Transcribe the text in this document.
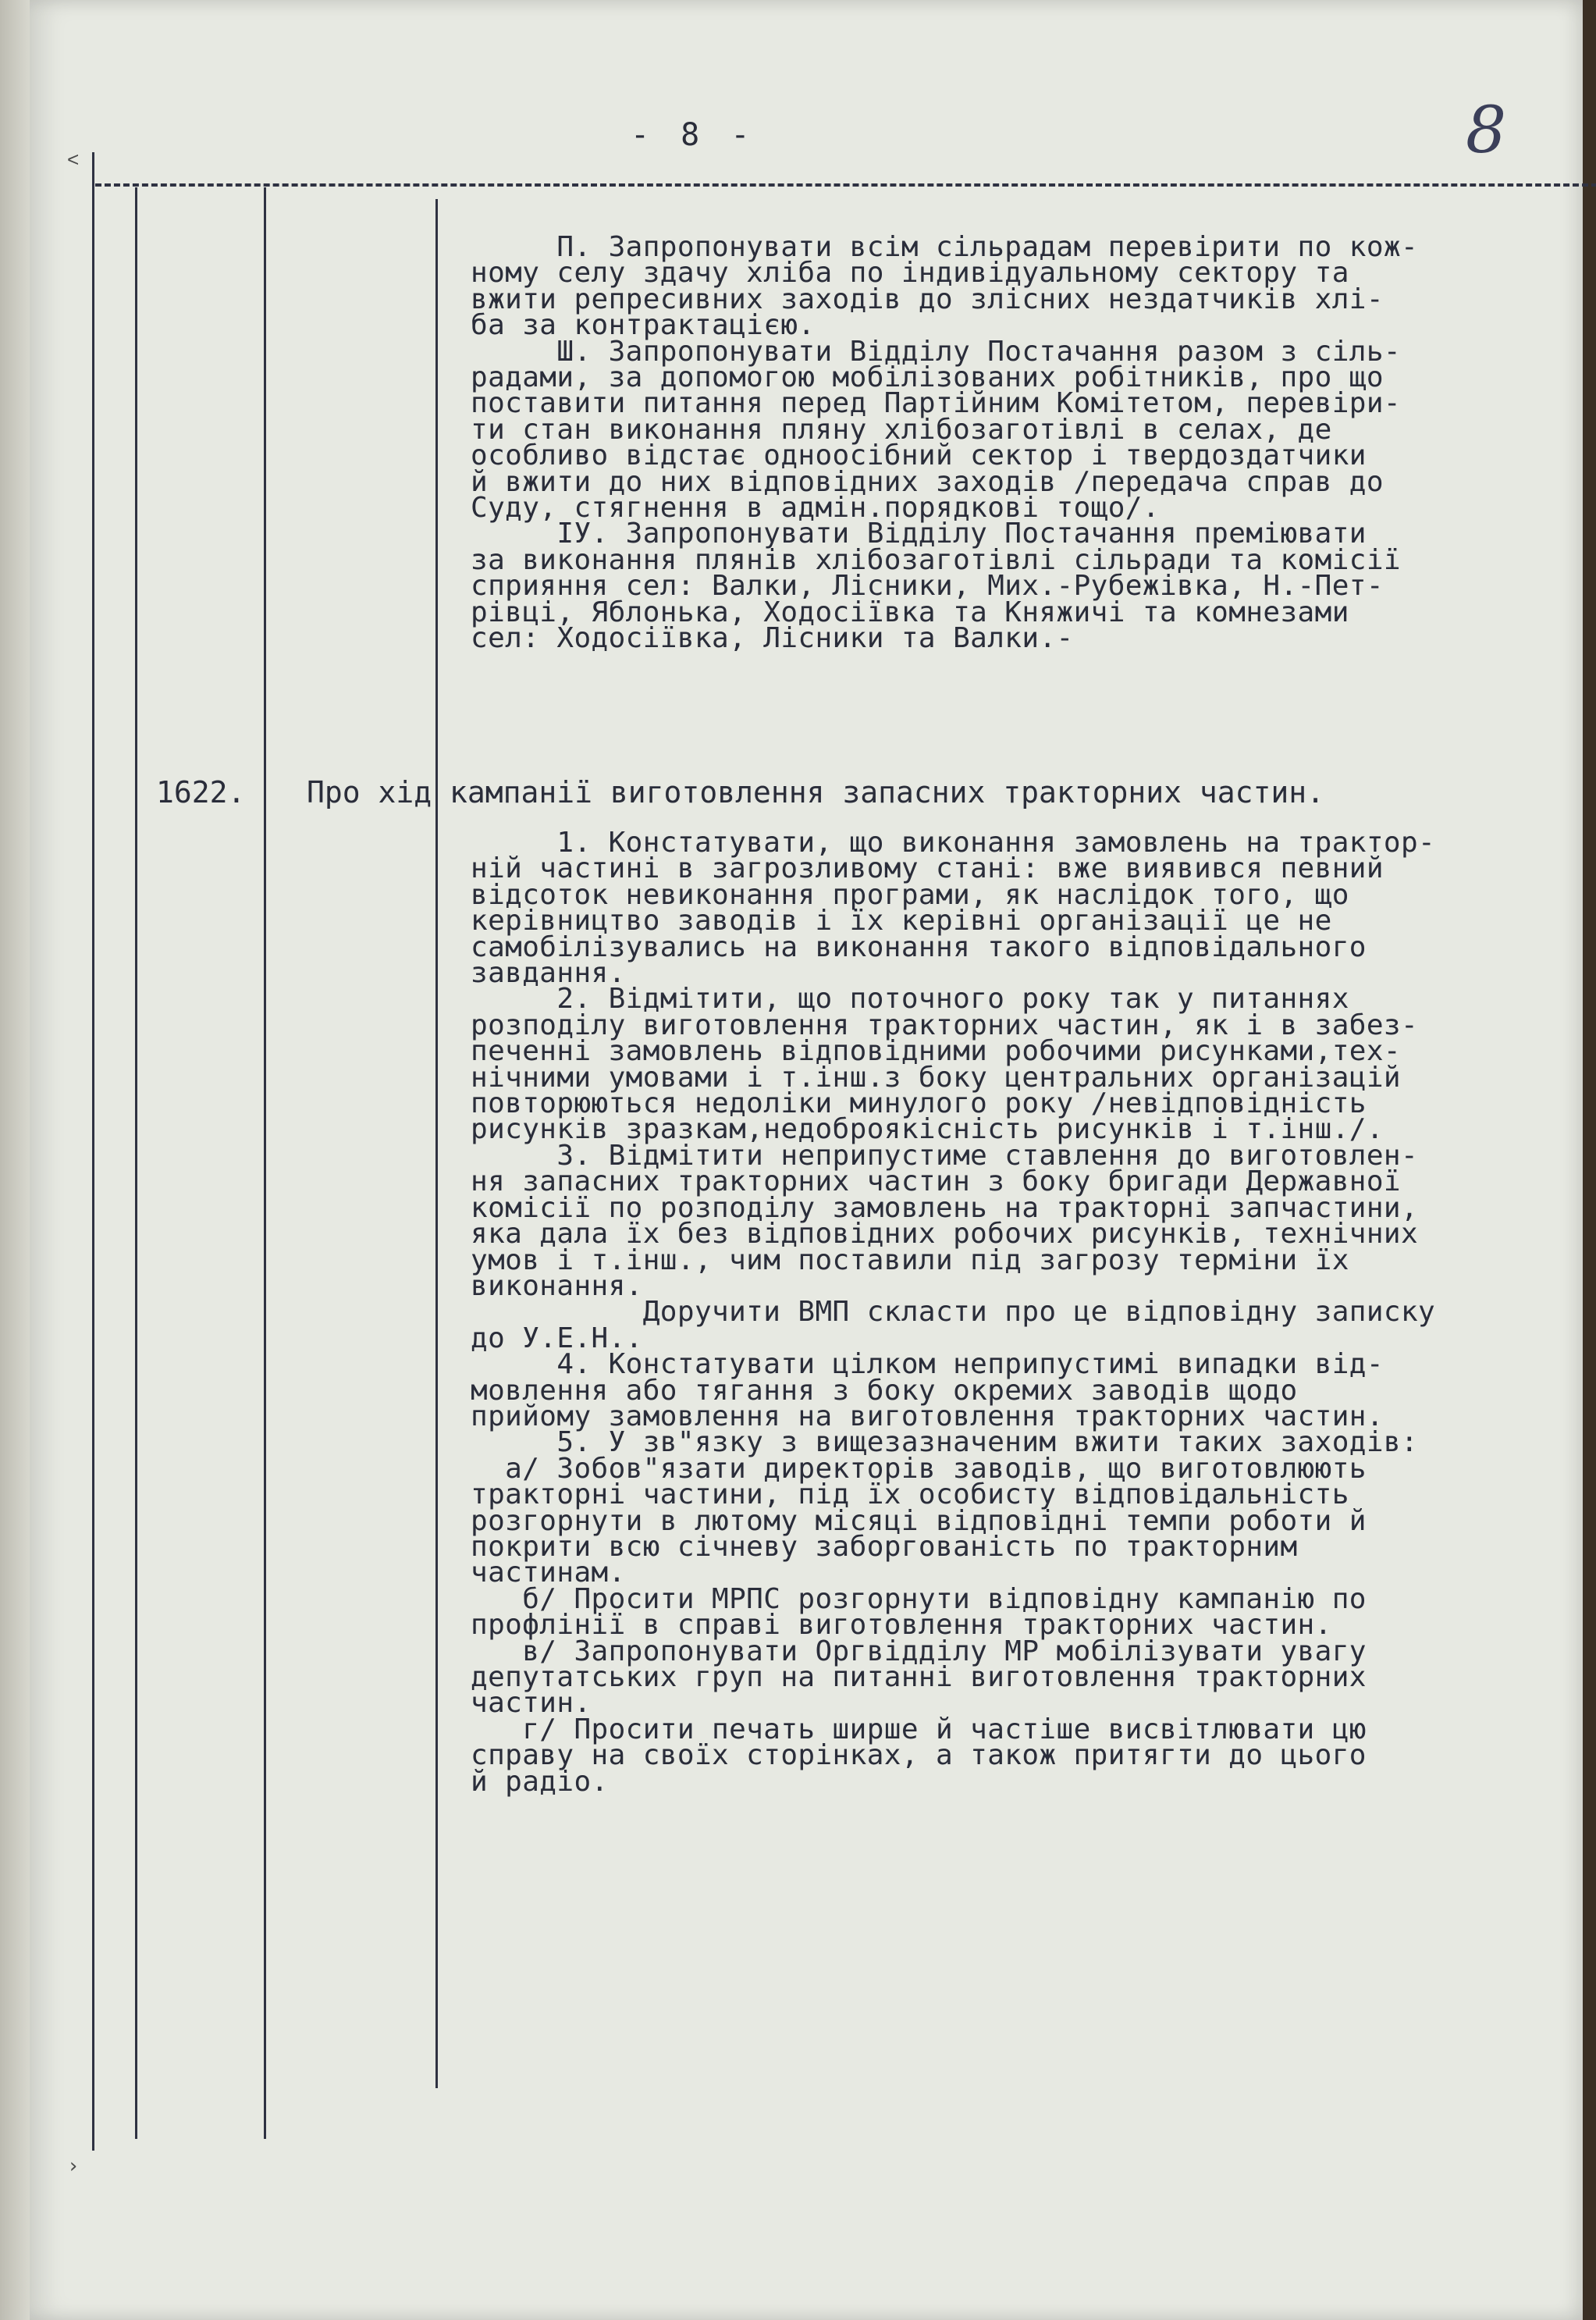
- 8 -	8
˂
›
П. Запропонувати всім сільрадам перевірити по кож-
ному селу здачу хліба по індивідуальному сектору та
вжити репресивних заходів до злісних нездатчиків хлі-
ба за контрактацією.
Ш. Запропонувати Відділу Постачання разом з сіль-
радами, за допомогою мобілізованих робітників, про що
поставити питання перед Партійним Комітетом, перевіри-
ти стан виконання пляну хлібозаготівлі в селах, де
особливо відстає одноосібний сектор і твердоздатчики
й вжити до них відповідних заходів /передача справ до
Суду, стягнення в адмін.порядкові тощо/.
ІУ. Запропонувати Відділу Постачання премiювати
за виконання плянів хлібозаготівлі сільради та комісії
сприяння сел: Валки, Лісники, Мих.-Рубежівка, Н.-Пет-
рівці, Яблонька, Ходосіївка та Княжичі та комнезами
сел: Ходосіївка, Лісники та Валки.-
1622. Про хід кампанії виготовлення запасних тракторних частин.
1. Констатувати, що виконання замовлень на трактор-
ній частині в загрозливому стані: вже виявився певний
відсоток невиконання програми, як наслідок того, що
керівництво заводів і їх керівні організації це не
самобілізувались на виконання такого відповідального
завдання.
2. Відмітити, що поточного року так у питаннях
розподілу виготовлення тракторних частин, як і в забез-
печенні замовлень відповідними робочими рисунками,тех-
нічними умовами і т.інш.з боку центральних організацій
повторюються недоліки минулого року /невідповідність
рисунків зразкам,недоброякісність рисунків і т.інш./.
3. Відмітити неприпустиме ставлення до виготовлен-
ня запасних тракторних частин з боку бригади Державної
комісії по розподілу замовлень на тракторні запчастини,
яка дала їх без відповідних робочих рисунків, технічних
умов і т.інш., чим поставили під загрозу терміни їх
виконання.
Доручити ВМП скласти про це відповідну записку
до У.Е.Н..
4. Констатувати цілком неприпустимі випадки від-
мовлення або тягання з боку окремих заводів щодо
прийому замовлення на виготовлення тракторних частин.
5. У зв"язку з вищезазначеним вжити таких заходів:
а/ Зобов"язати директорів заводів, що виготовлюють
тракторні частини, під їх особисту відповідальність
розгорнути в лютому місяці відповідні темпи роботи й
покрити всю січневу заборгованість по тракторним
частинам.
б/ Просити МРПС розгорнути відповідну кампанію по
профлінії в справі виготовлення тракторних частин.
в/ Запропонувати Оргвідділу МР мобілізувати увагу
депутатських груп на питанні виготовлення тракторних
частин.
г/ Просити печать ширше й частіше висвітлювати цю
справу на своїх сторінках, а також притягти до цього
й радіо.
